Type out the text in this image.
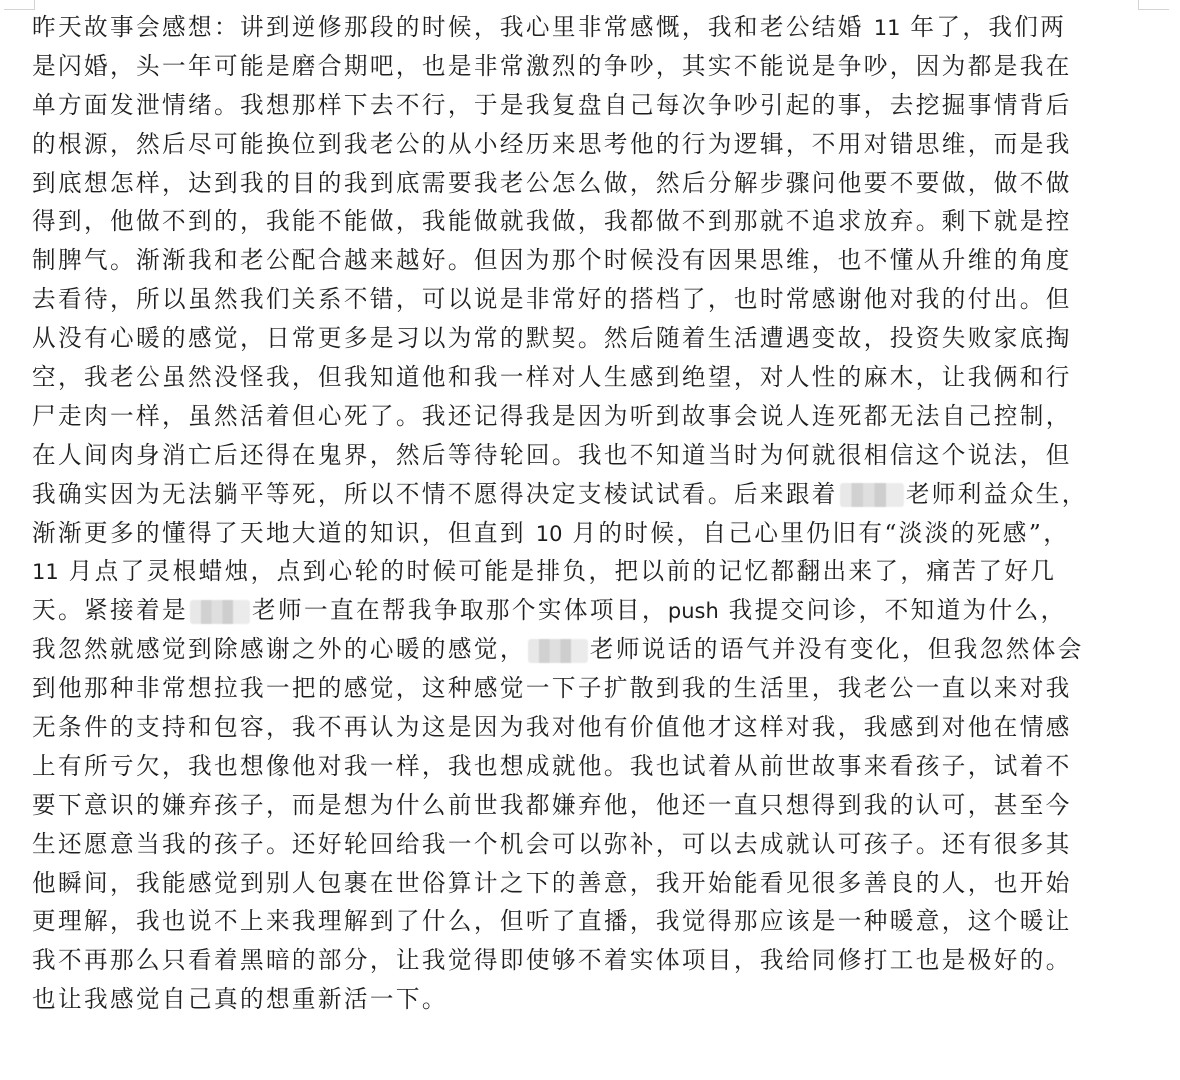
昨天故事会感想：讲到逆修那段的时候，我心里非常感慨，我和老公结婚 11 年了，我们两
是闪婚，头一年可能是磨合期吧，也是非常激烈的争吵，其实不能说是争吵，因为都是我在
单方面发泄情绪。我想那样下去不行，于是我复盘自己每次争吵引起的事，去挖掘事情背后
的根源，然后尽可能换位到我老公的从小经历来思考他的行为逻辑，不用对错思维，而是我
到底想怎样，达到我的目的我到底需要我老公怎么做，然后分解步骤问他要不要做，做不做
得到，他做不到的，我能不能做，我能做就我做，我都做不到那就不追求放弃。剩下就是控
制脾气。渐渐我和老公配合越来越好。但因为那个时候没有因果思维，也不懂从升维的角度
去看待，所以虽然我们关系不错，可以说是非常好的搭档了，也时常感谢他对我的付出。但
从没有心暖的感觉，日常更多是习以为常的默契。然后随着生活遭遇变故，投资失败家底掏
空，我老公虽然没怪我，但我知道他和我一样对人生感到绝望，对人性的麻木，让我俩和行
尸走肉一样，虽然活着但心死了。我还记得我是因为听到故事会说人连死都无法自己控制，
在人间肉身消亡后还得在鬼界，然后等待轮回。我也不知道当时为何就很相信这个说法，但
我确实因为无法躺平等死，所以不情不愿得决定支棱试试看。后来跟着	老师利益众生，
渐渐更多的懂得了天地大道的知识，但直到 10 月的时候，自己心里仍旧有“淡淡的死感”，
11 月点了灵根蜡烛，点到心轮的时候可能是排负，把以前的记忆都翻出来了，痛苦了好几
天。紧接着是	老师一直在帮我争取那个实体项目，push 我提交问诊，不知道为什么，
我忽然就感觉到除感谢之外的心暖的感觉，	老师说话的语气并没有变化，但我忽然体会
到他那种非常想拉我一把的感觉，这种感觉一下子扩散到我的生活里，我老公一直以来对我
无条件的支持和包容，我不再认为这是因为我对他有价值他才这样对我，我感到对他在情感
上有所亏欠，我也想像他对我一样，我也想成就他。我也试着从前世故事来看孩子，试着不
要下意识的嫌弃孩子，而是想为什么前世我都嫌弃他，他还一直只想得到我的认可，甚至今
生还愿意当我的孩子。还好轮回给我一个机会可以弥补，可以去成就认可孩子。还有很多其
他瞬间，我能感觉到别人包裹在世俗算计之下的善意，我开始能看见很多善良的人，也开始
更理解，我也说不上来我理解到了什么，但听了直播，我觉得那应该是一种暖意，这个暖让
我不再那么只看着黑暗的部分，让我觉得即使够不着实体项目，我给同修打工也是极好的。
也让我感觉自己真的想重新活一下。
